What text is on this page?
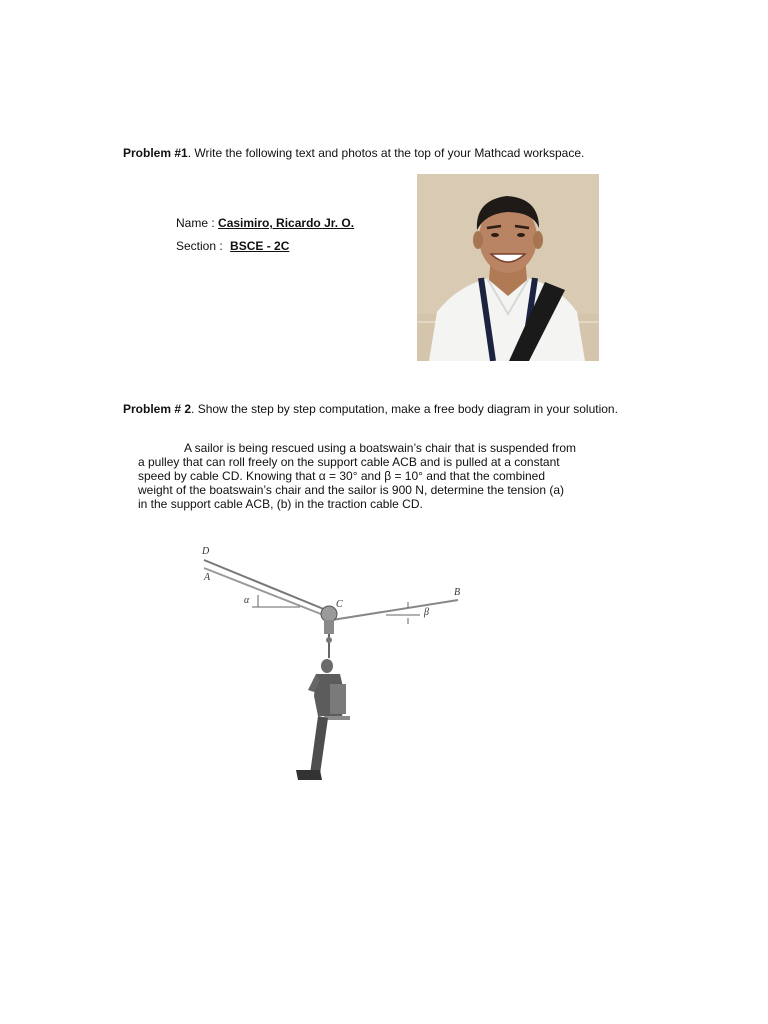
Problem #1. Write the following text and photos at the top of your Mathcad workspace.
Name : Casimiro, Ricardo Jr. O.
Section : BSCE - 2C
Problem # 2. Show the step by step computation, make a free body diagram in your solution.
A sailor is being rescued using a boatswain’s chair that is suspended from
a pulley that can roll freely on the support cable ACB and is pulled at a constant
speed by cable CD. Knowing that α = 30° and β = 10° and that the combined
weight of the boatswain’s chair and the sailor is 900 N, determine the tension (a)
in the support cable ACB, (b) in the traction cable CD.
D
A
α	C
B
β
